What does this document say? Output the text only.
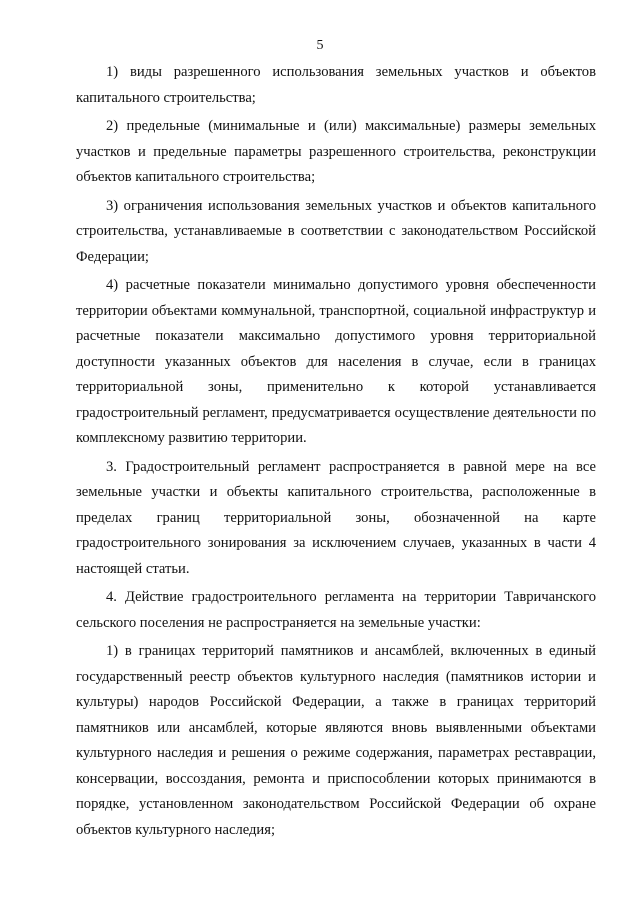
5

1) виды разрешенного использования земельных участков и объектов капитального строительства;

2) предельные (минимальные и (или) максимальные) размеры земельных участков и предельные параметры разрешенного строительства, реконструкции объектов капитального строительства;

3) ограничения использования земельных участков и объектов капитального строительства, устанавливаемые в соответствии с законодательством Российской Федерации;

4) расчетные показатели минимально допустимого уровня обеспеченности территории объектами коммунальной, транспортной, социальной инфраструктур и расчетные показатели максимально допустимого уровня территориальной доступности указанных объектов для населения в случае, если в границах территориальной зоны, применительно к которой устанавливается градостроительный регламент, предусматривается осуществление деятельности по комплексному развитию территории.

3. Градостроительный регламент распространяется в равной мере на все земельные участки и объекты капитального строительства, расположенные в пределах границ территориальной зоны, обозначенной на карте градостроительного зонирования за исключением случаев, указанных в части 4 настоящей статьи.

4. Действие градостроительного регламента на территории Тавричанского сельского поселения не распространяется на земельные участки:

1) в границах территорий памятников и ансамблей, включенных в единый государственный реестр объектов культурного наследия (памятников истории и культуры) народов Российской Федерации, а также в границах территорий памятников или ансамблей, которые являются вновь выявленными объектами культурного наследия и решения о режиме содержания, параметрах реставрации, консервации, воссоздания, ремонта и приспособлении которых принимаются в порядке, установленном законодательством Российской Федерации об охране объектов культурного наследия;
